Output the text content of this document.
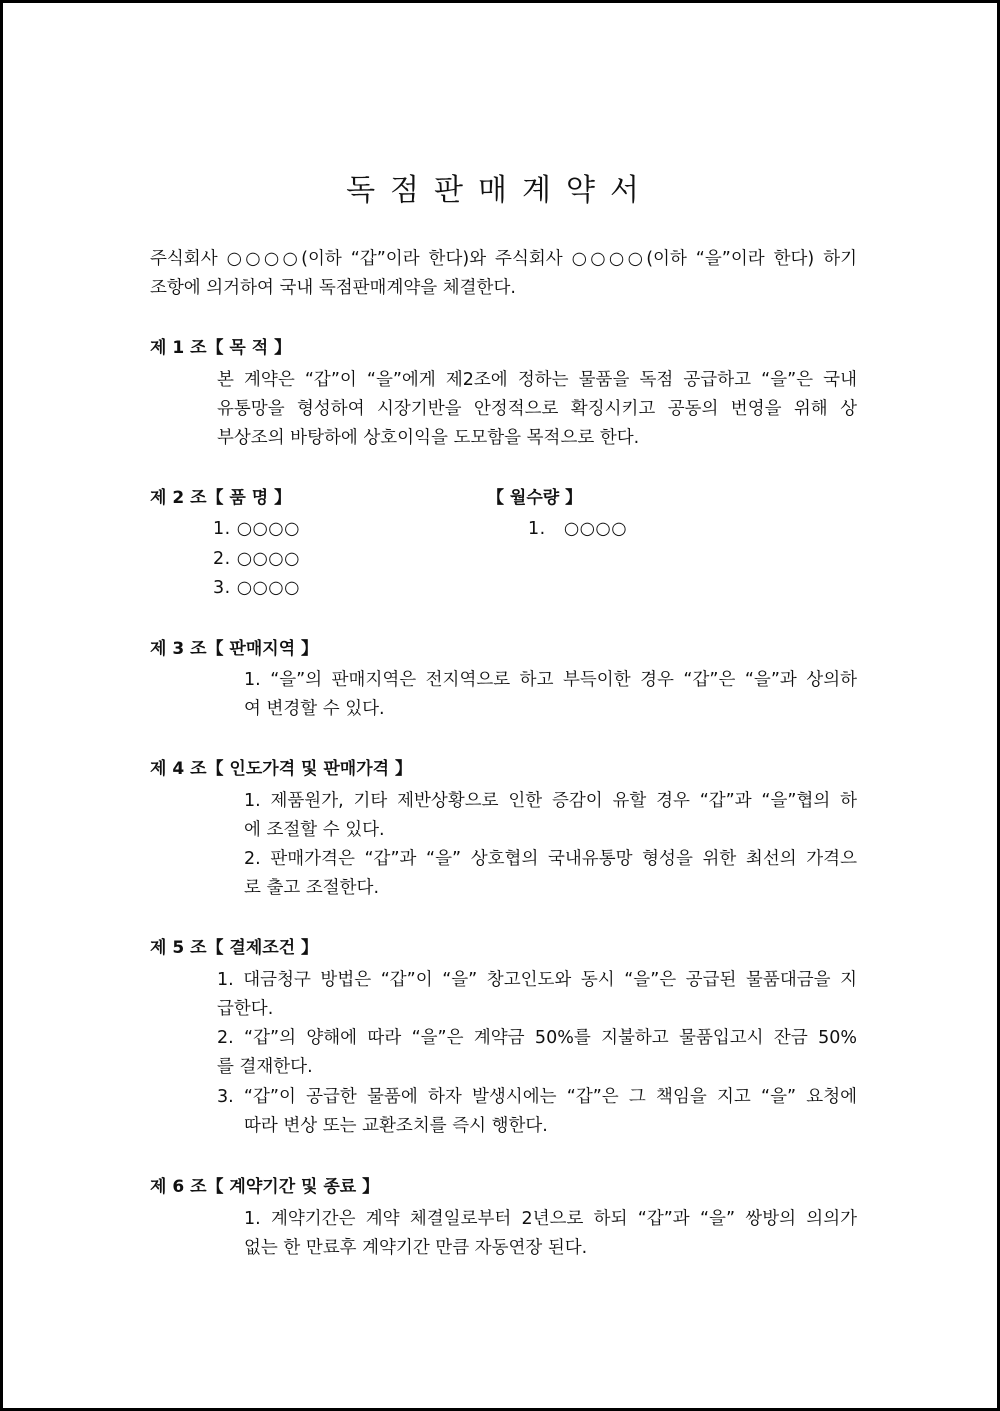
독점판매계약서
주식회사 ○○○○(이하 “갑”이라 한다)와 주식회사 ○○○○(이하 “을”이라 한다) 하기
조항에 의거하여 국내 독점판매계약을 체결한다.
제 1 조【 목 적 】
본 계약은 “갑”이 “을”에게 제2조에 정하는 물품을 독점 공급하고 “을”은 국내
유통망을 형성하여 시장기반을 안정적으로 확징시키고 공동의 번영을 위해 상
부상조의 바탕하에 상호이익을 도모함을 목적으로 한다.
제 2 조【 품 명 】	【 월수량 】
1. ○○○○
2. ○○○○
3. ○○○○
1.   ○○○○
제 3 조【 판매지역 】
1. “을”의 판매지역은 전지역으로 하고 부득이한 경우 “갑”은 “을”과 상의하
여 변경할 수 있다.
제 4 조【 인도가격 및 판매가격 】
1. 제품원가, 기타 제반상황으로 인한 증감이 유할 경우 “갑”과 “을”협의 하
에 조절할 수 있다.
2. 판매가격은 “갑”과 “을” 상호협의 국내유통망 형성을 위한 최선의 가격으
로 출고 조절한다.
제 5 조【 결제조건 】
1. 대금청구 방법은 “갑”이 “을” 창고인도와 동시 “을”은 공급된 물품대금을 지
급한다.
2. “갑”의 양해에 따라 “을”은 계약금 50%를 지불하고 물품입고시 잔금 50%
를 결재한다.
3. “갑”이 공급한 물품에 하자 발생시에는 “갑”은 그 책임을 지고 “을” 요청에
따라 변상 또는 교환조치를 즉시 행한다.
제 6 조【 계약기간 및 종료 】
1. 계약기간은 계약 체결일로부터 2년으로 하되 “갑”과 “을” 쌍방의 의의가
없는 한 만료후 계약기간 만큼 자동연장 된다.
